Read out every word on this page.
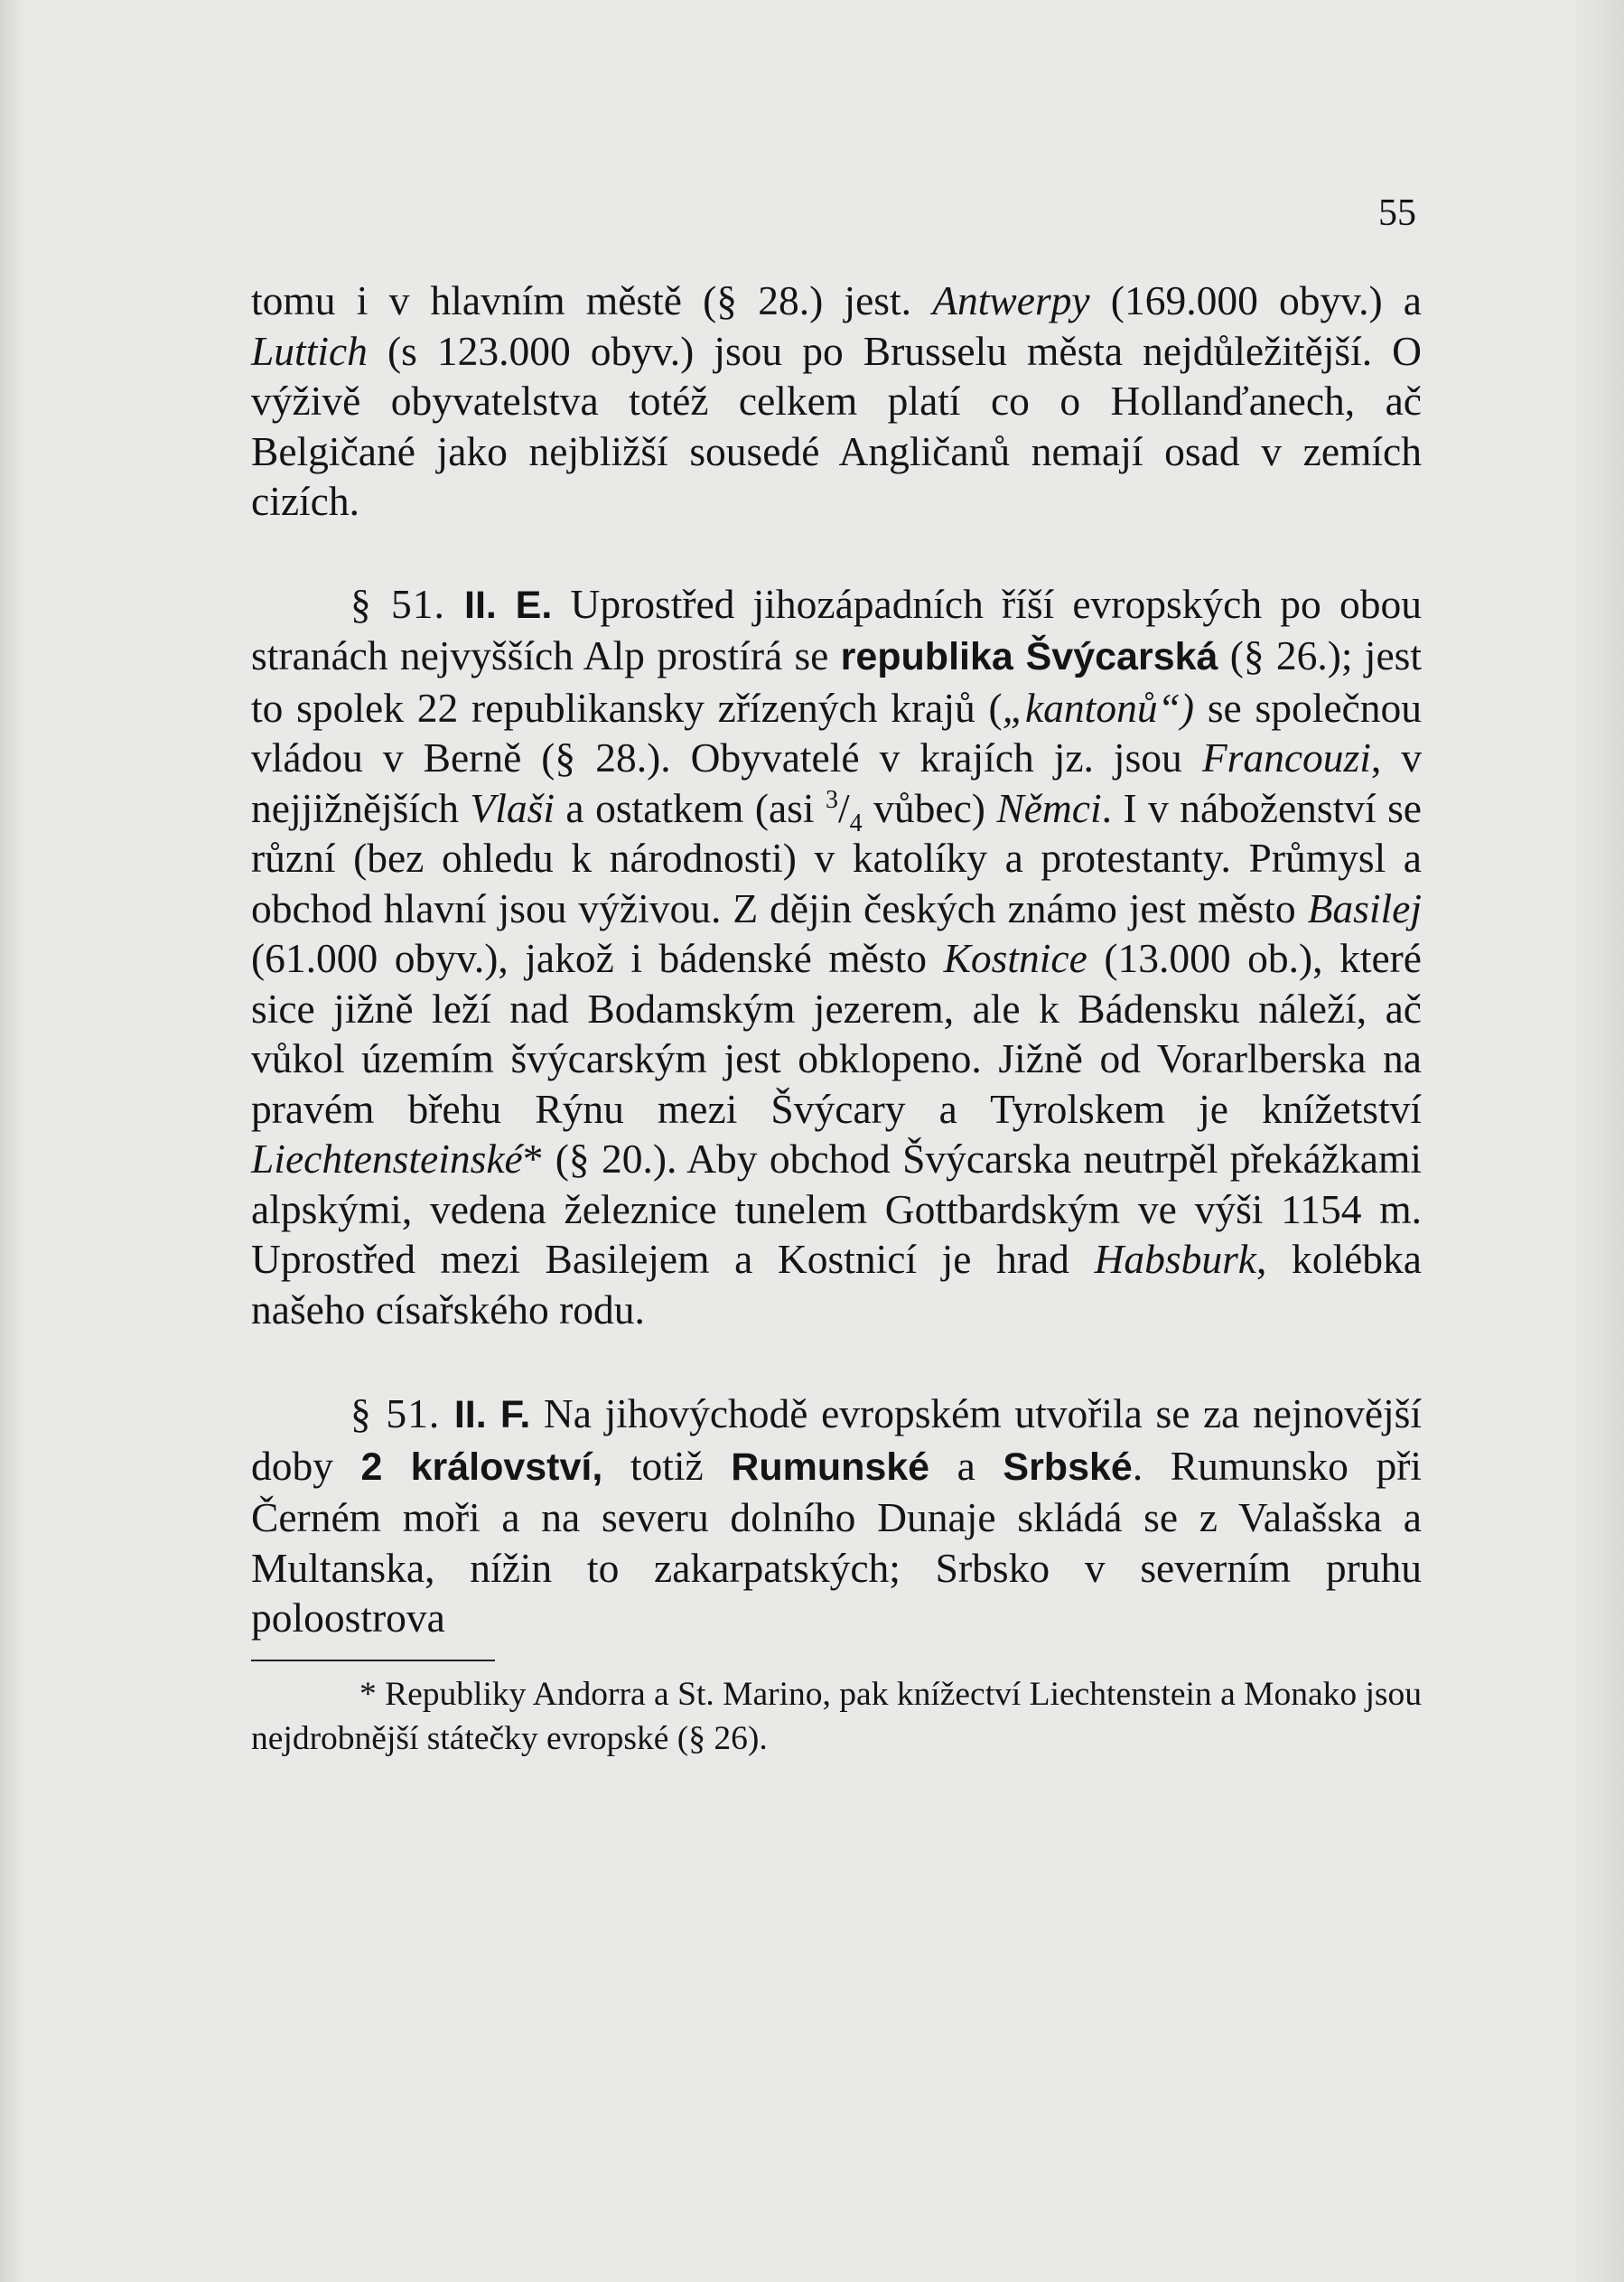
55

tomu i v hlavním městě (§ 28.) jest. Antwerpy (169.000 obyv.) a Luttich (s 123.000 obyv.) jsou po Brusselu města nejdůležitější. O výživě obyvatelstva totéž celkem platí co o Hollanďanech, ač Belgičané jako nejbližší sousedé Angličanů nemají osad v zemích cizích.

§ 51. II. E. Uprostřed jihozápadních říší evropských po obou stranách nejvyšších Alp prostírá se republika Švýcarská (§ 26.); jest to spolek 22 republikansky zřízených krajů („kantonů“) se společnou vládou v Berně (§ 28.). Obyvatelé v krajích jz. jsou Francouzi, v nejjižnějších Vlaši a ostatkem (asi $^3/_4$ vůbec) Němci. I v náboženství se různí (bez ohledu k národnosti) v katolíky a protestanty. Průmysl a obchod hlavní jsou výživou. Z dějin českých známo jest město Basilej (61.000 obyv.), jakož i bádenské město Kostnice (13.000 ob.), které sice jižně leží nad Bodamským jezerem, ale k Bádensku náleží, ač vůkol územím švýcarským jest obklopeno. Jižně od Vorarlberska na pravém břehu Rýnu mezi Švýcary a Tyrolskem je knížetství Liechtensteinské* (§ 20.). Aby obchod Švýcarska neutrpěl překážkami alpskými, vedena železnice tunelem Gottbardským ve výši 1154 m. Uprostřed mezi Basilejem a Kostnicí je hrad Habsburk, kolébka našeho císařského rodu.

§ 51. II. F. Na jihovýchodě evropském utvořila se za nejnovější doby 2 království, totiž Rumunské a Srbské. Rumunsko při Černém moři a na severu dolního Dunaje skládá se z Valašska a Multanska, nížin to zakarpatských; Srbsko v severním pruhu poloostrova

* Republiky Andorra a St. Marino, pak knížectví Liechtenstein a Monako jsou nejdrobnější státečky evropské (§ 26).
